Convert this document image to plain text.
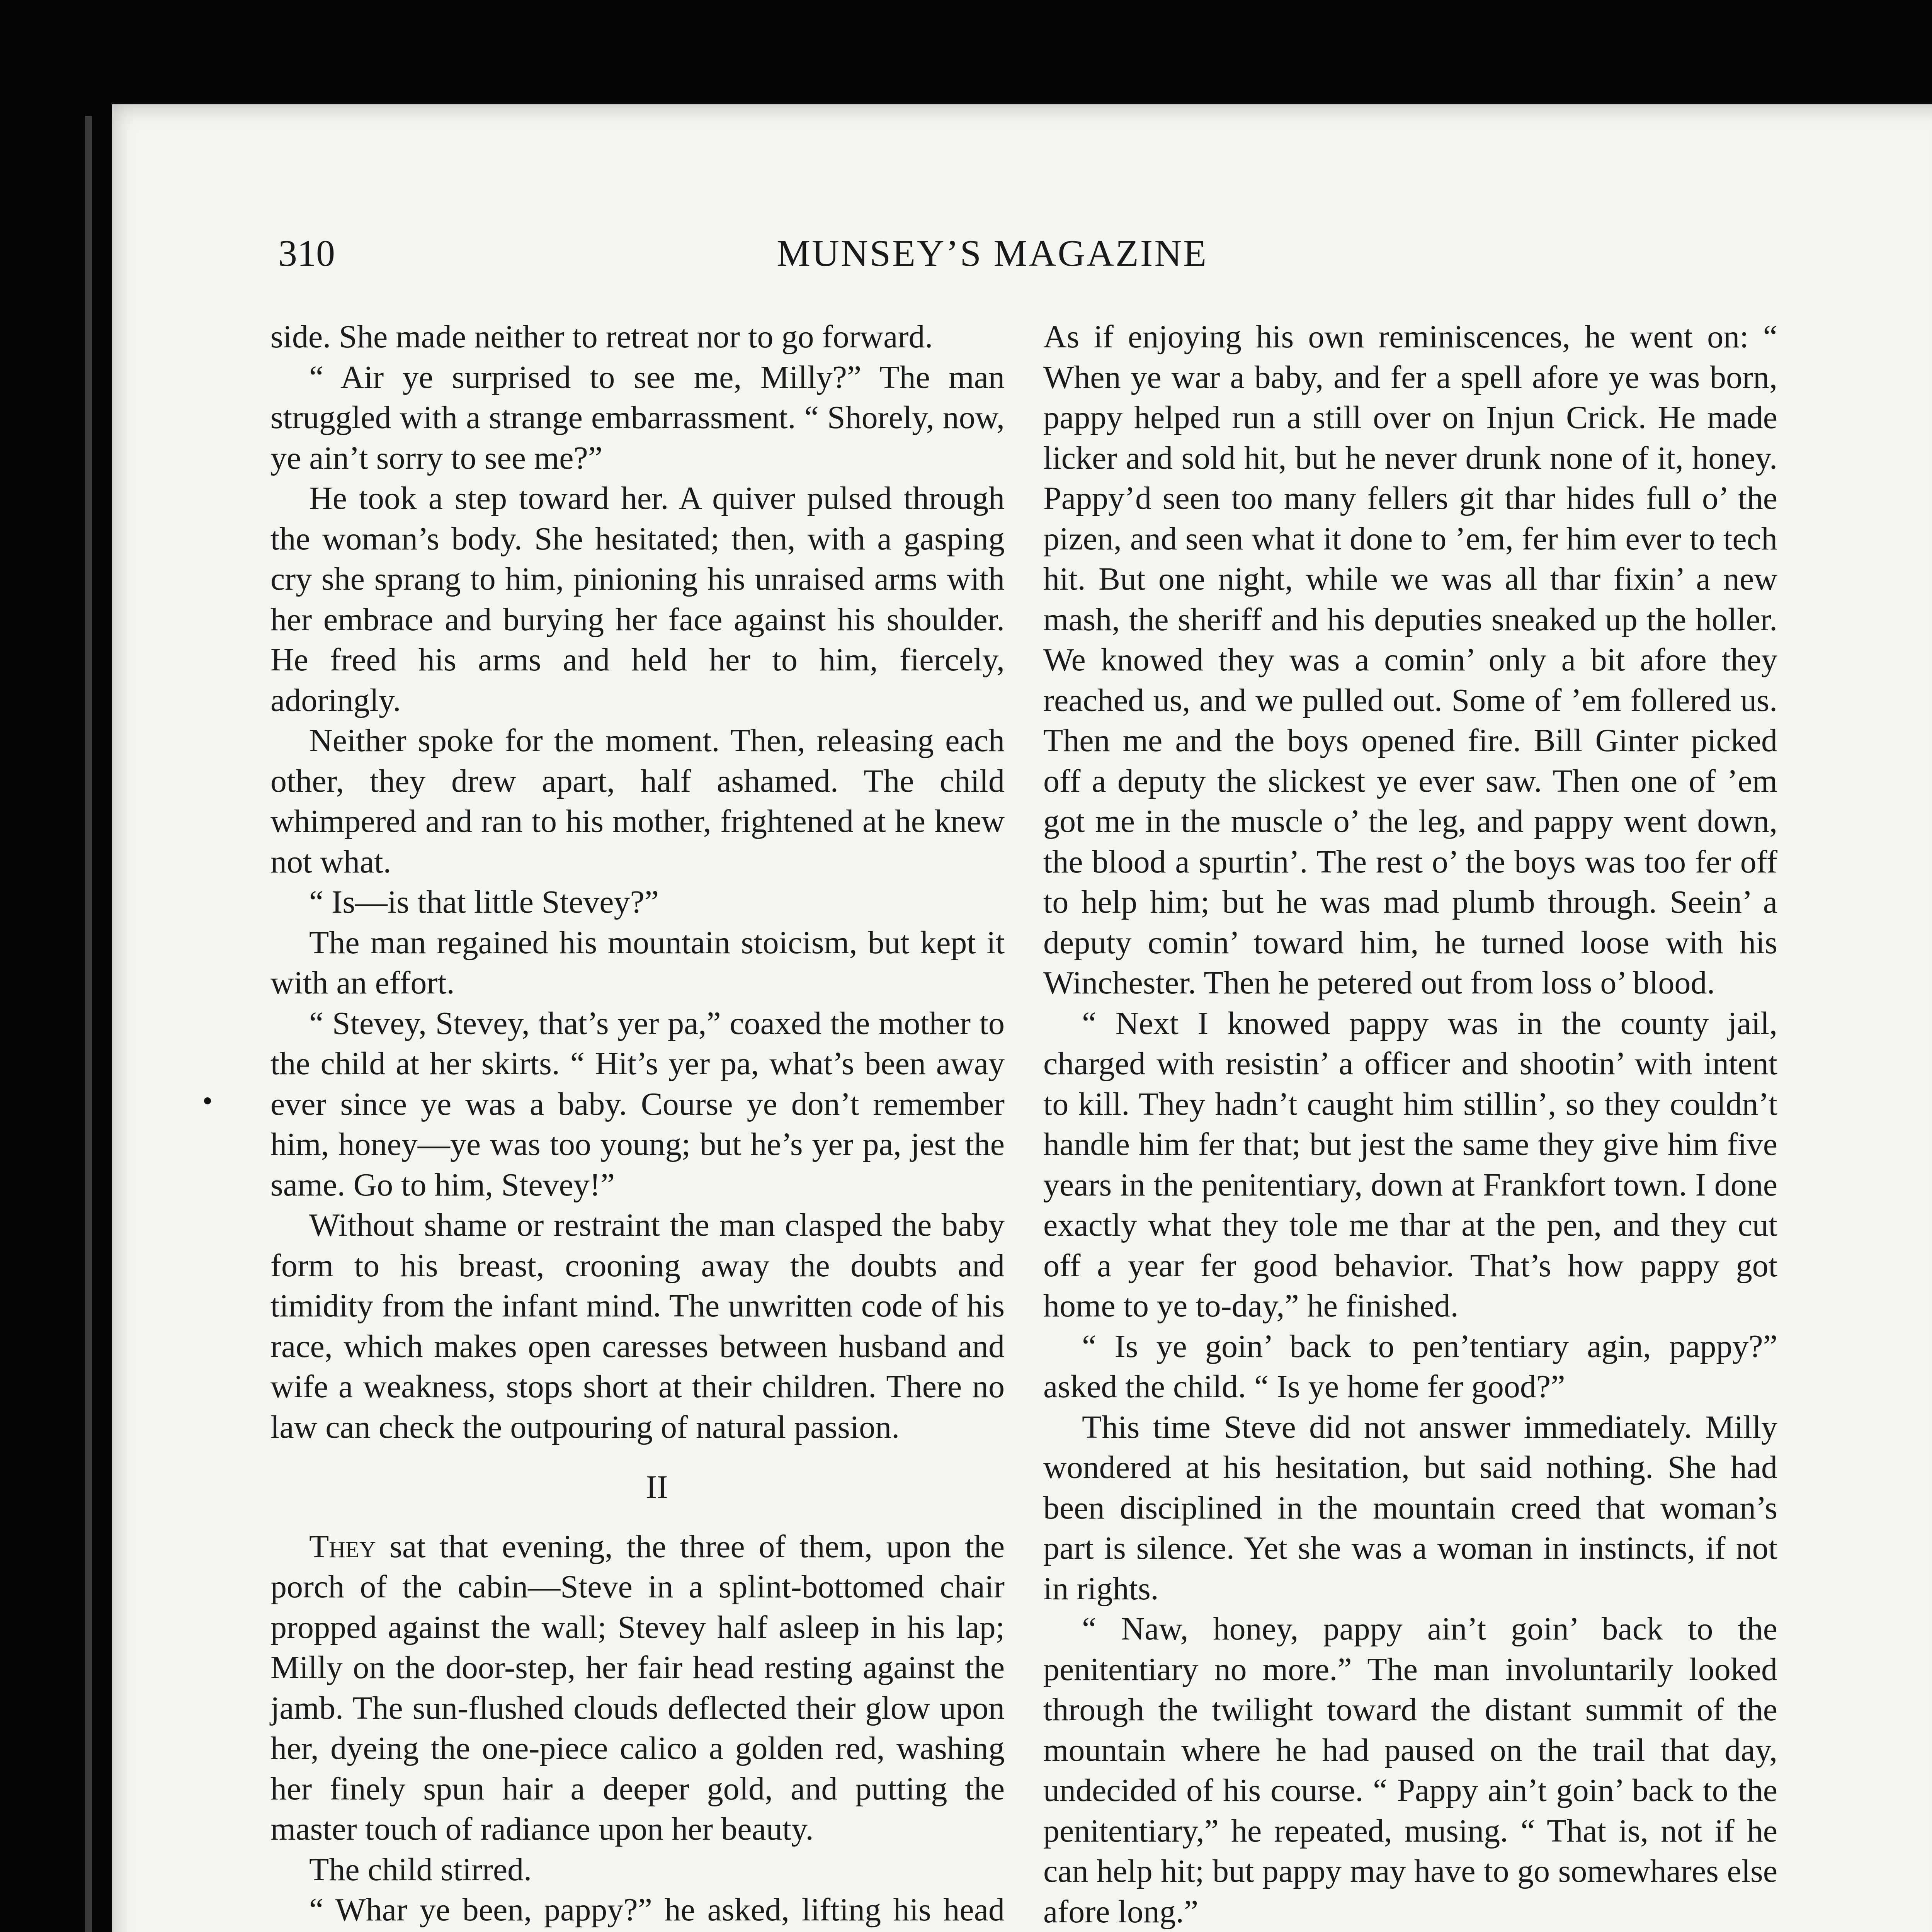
310	MUNSEY’S MAGAZINE

side. She made neither to retreat nor to go forward.

“ Air ye surprised to see me, Milly?” The man struggled with a strange embarrassment. “ Shorely, now, ye ain’t sorry to see me?”

He took a step toward her. A quiver pulsed through the woman’s body. She hesitated; then, with a gasping cry she sprang to him, pinioning his unraised arms with her embrace and burying her face against his shoulder. He freed his arms and held her to him, fiercely, adoringly.

Neither spoke for the moment. Then, releasing each other, they drew apart, half ashamed. The child whimpered and ran to his mother, frightened at he knew not what.

“ Is—is that little Stevey?”

The man regained his mountain stoicism, but kept it with an effort.

“ Stevey, Stevey, that’s yer pa,” coaxed the mother to the child at her skirts. “ Hit’s yer pa, what’s been away ever since ye was a baby. Course ye don’t remember him, honey—ye was too young; but he’s yer pa, jest the same. Go to him, Stevey!”

Without shame or restraint the man clasped the baby form to his breast, crooning away the doubts and timidity from the infant mind. The unwritten code of his race, which makes open caresses between husband and wife a weakness, stops short at their children. There no law can check the outpouring of natural passion.

II

They sat that evening, the three of them, upon the porch of the cabin—Steve in a splint-bottomed chair propped against the wall; Stevey half asleep in his lap; Milly on the door-step, her fair head resting against the jamb. The sun-flushed clouds deflected their glow upon her, dyeing the one-piece calico a golden red, washing her finely spun hair a deeper gold, and putting the master touch of radiance upon her beauty.

The child stirred.

“ Whar ye been, pappy?” he asked, lifting his head

As if enjoying his own reminiscences, he went on: “ When ye war a baby, and fer a spell afore ye was born, pappy helped run a still over on Injun Crick. He made licker and sold hit, but he never drunk none of it, honey. Pappy’d seen too many fellers git thar hides full o’ the pizen, and seen what it done to ’em, fer him ever to tech hit. But one night, while we was all thar fixin’ a new mash, the sheriff and his deputies sneaked up the holler. We knowed they was a comin’ only a bit afore they reached us, and we pulled out. Some of ’em follered us. Then me and the boys opened fire. Bill Ginter picked off a deputy the slickest ye ever saw. Then one of ’em got me in the muscle o’ the leg, and pappy went down, the blood a spurtin’. The rest o’ the boys was too fer off to help him; but he was mad plumb through. Seein’ a deputy comin’ toward him, he turned loose with his Winchester. Then he petered out from loss o’ blood.

“ Next I knowed pappy was in the county jail, charged with resistin’ a officer and shootin’ with intent to kill. They hadn’t caught him stillin’, so they couldn’t handle him fer that; but jest the same they give him five years in the penitentiary, down at Frankfort town. I done exactly what they tole me thar at the pen, and they cut off a year fer good behavior. That’s how pappy got home to ye to-day,” he finished.

“ Is ye goin’ back to pen’tentiary agin, pappy?” asked the child. “ Is ye home fer good?”

This time Steve did not answer immediately. Milly wondered at his hesitation, but said nothing. She had been disciplined in the mountain creed that woman’s part is silence. Yet she was a woman in instincts, if not in rights.

“ Naw, honey, pappy ain’t goin’ back to the penitentiary no more.” The man involuntarily looked through the twilight toward the distant summit of the mountain where he had paused on the trail that day, undecided of his course. “ Pappy ain’t goin’ back to the penitentiary,” he repeated, musing. “ That is, not if he can help hit; but pappy may have to go somewhares else afore long.”
